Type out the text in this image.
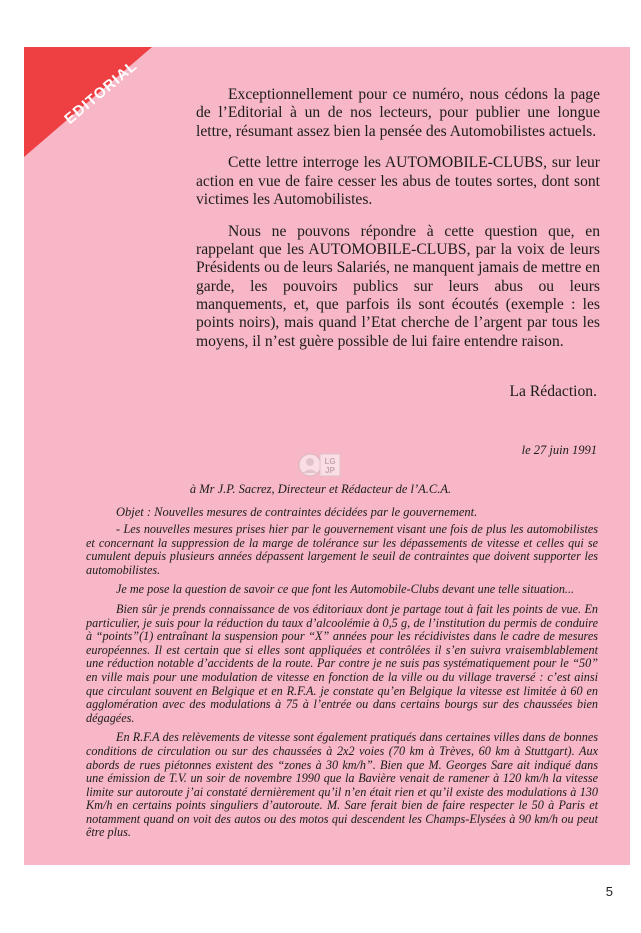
EDITORIAL	Exceptionnellement pour ce numéro, nous cédons la page de l’Editorial à un de nos lecteurs, pour publier une longue lettre, résumant assez bien la pensée des Automobilistes actuels.

Cette lettre interroge les AUTOMOBILE-CLUBS, sur leur action en vue de faire cesser les abus de toutes sortes, dont sont victimes les Automobilistes.

Nous ne pouvons répondre à cette question que, en rappelant que les AUTOMOBILE-CLUBS, par la voix de leurs Présidents ou de leurs Salariés, ne manquent jamais de mettre en garde, les pouvoirs publics sur leurs abus ou leurs manquements, et, que parfois ils sont écoutés (exemple : les points noirs), mais quand l’Etat cherche de l’argent par tous les moyens, il n’est guère possible de lui faire entendre raison.

La Rédaction.
le 27 juin 1991
LG
JP
à Mr J.P. Sacrez, Directeur et Rédacteur de l’A.C.A.
Objet : Nouvelles mesures de contraintes décidées par le gouvernement.

- Les nouvelles mesures prises hier par le gouvernement visant une fois de plus les automobilistes et concernant la suppression de la marge de tolérance sur les dépassements de vitesse et celles qui se cumulent depuis plusieurs années dépassent largement le seuil de contraintes que doivent supporter les automobilistes.

Je me pose la question de savoir ce que font les Automobile-Clubs devant une telle situation...

Bien sûr je prends connaissance de vos éditoriaux dont je partage tout à fait les points de vue. En particulier, je suis pour la réduction du taux d’alcoolémie à 0,5 g, de l’institution du permis de conduire à “points”(1) entraînant la suspension pour “X” années pour les récidivistes dans le cadre de mesures européennes. Il est certain que si elles sont appliquées et contrôlées il s’en suivra vraisemblablement une réduction notable d’accidents de la route. Par contre je ne suis pas systématiquement pour le “50” en ville mais pour une modulation de vitesse en fonction de la ville ou du village traversé : c’est ainsi que circulant souvent en Belgique et en R.F.A. je constate qu’en Belgique la vitesse est limitée à 60 en agglomération avec des modulations à 75 à l’entrée ou dans certains bourgs sur des chaussées bien dégagées.

En R.F.A des relèvements de vitesse sont également pratiqués dans certaines villes dans de bonnes conditions de circulation ou sur des chaussées à 2x2 voies (70 km à Trèves, 60 km à Stuttgart). Aux abords de rues piétonnes existent des “zones à 30 km/h”. Bien que M. Georges Sare ait indiqué dans une émission de T.V. un soir de novembre 1990 que la Bavière venait de ramener à 120 km/h la vitesse limite sur autoroute j’ai constaté dernièrement qu’il n’en était rien et qu’il existe des modulations à 130 Km/h en certains points singuliers d’autoroute. M. Sare ferait bien de faire respecter le 50 à Paris et notamment quand on voit des autos ou des motos qui descendent les Champs-Elysées à 90 km/h ou peut être plus.

5
